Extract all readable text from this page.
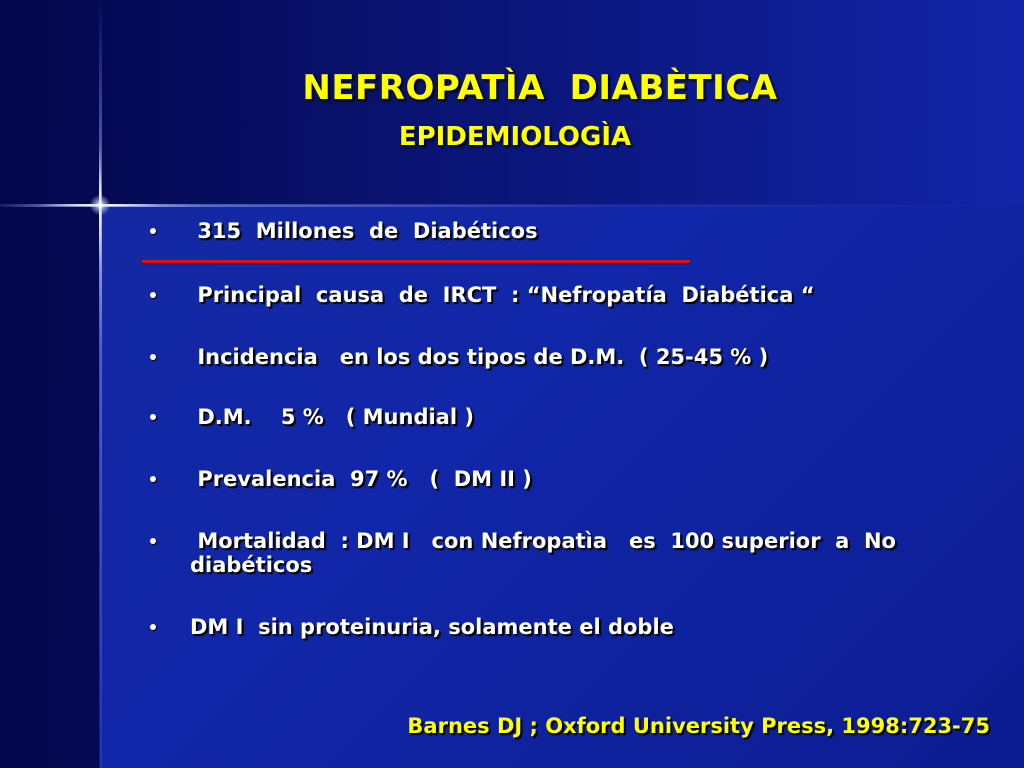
NEFROPATÌA  DIABÈTICA
EPIDEMIOLOGÌA
315  Millones  de  Diabéticos
Principal  causa  de  IRCT  : “Nefropatía  Diabética “
Incidencia   en los dos tipos de D.M.  ( 25-45 % )
D.M.    5 %   ( Mundial )
Prevalencia  97 %   (  DM II )
Mortalidad  : DM I   con Nefropatìa   es  100 superior  a  No diabéticos
DM I  sin proteinuria, solamente el doble
Barnes DJ ; Oxford University Press, 1998:723-75
